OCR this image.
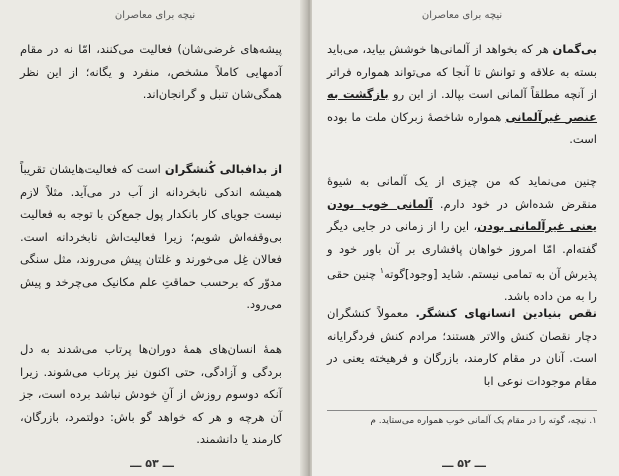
نیچه برای معاصران

پیشه‌های غرضی‌شان) فعالیت می‌کنند، امّا نه در مقام آدمهایی کاملاً مشخص، منفرد و یگانه؛ از این نظر همگی‌شان تنبل و گرانجان‌اند.

از بدافبالی کُنشگران است که فعالیت‌هایشان تقریباً همیشه اندکی نابخردانه از آب در می‌آید. مثلاً لازم نیست جویای کار بانکدار پول جمع‌کن با توجه به فعالیت بی‌وقفه‌اش شویم؛ زیرا فعالیت‌اش نابخردانه است. فعالان غِل می‌خورند و غلتان پیش می‌روند، مثل سنگی مدوّر که برحسب حماقتِ علم مکانیک می‌چرخد و پیش می‌رود.

همهٔ انسان‌های همهٔ دوران‌ها پرتاب می‌شدند به دل بردگی و آزادگی، حتی اکنون نیز پرتاب می‌شوند. زیرا آنکه دوسوم روزش از آنِ خودش نباشد برده است، جز آن هرچه و هر که خواهد گو باش: دولتمرد، بازرگان، کارمند یا دانشمند.

ـــ ۵۳ ـــ
نیچه برای معاصران

بی‌گمان هر که بخواهد از آلمانی‌ها خوشش بیاید، می‌باید بسته به علاقه و توانش تا آنجا که می‌تواند همواره فراتر از آنچه مطلقاً آلمانی است بپالد. از این رو بازگشت به عنصر غیرآلمانی همواره شاخصهٔ زبرکان ملت ما بوده است.

چنین می‌نماید که من چیزی از یک آلمانی به شیوهٔ منقرض شده‌اش در خود دارم. آلمانی خوب بودن یعنی غیرآلمانی بودن، این را از زمانی در جایی دیگر گفته‌ام. امّا امروز خواهان پافشاری بر آن باور خود و پذیرش آن به تمامی نیستم. شاید [وجود]گوته$^۱$ چنین حقی را به من داده باشد.

نقص بنیادین انسانهای کنشگر. معمولاً کنشگران دچار نقصان کنش والاتر هستند؛ مرادم کنش فردگرایانه است. آنان در مقام کارمند، بازرگان و فرهیخته یعنی در مقام موجودات نوعی ابا

۱. نیچه، گوته را در مقام یک آلمانی خوب همواره می‌ستاید. م
ـــ ۵۲ ـــ
